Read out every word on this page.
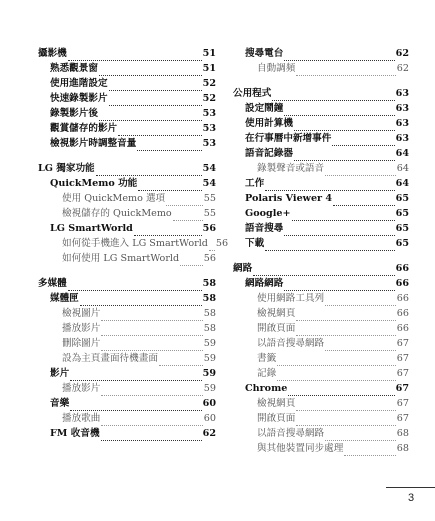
攝影機	51
熟悉觀景窗	51
使用進階設定	52
快速錄製影片	52
錄製影片後	53
觀賞儲存的影片	53
檢視影片時調整音量	53
LG 獨家功能	54
QuickMemo 功能	54
使用 QuickMemo 選項	55
檢視儲存的 QuickMemo	55
LG SmartWorld	56
如何從手機進入 LG SmartWorld 56
如何使用 LG SmartWorld	56
多媒體	58
媒體匣	58
檢視圖片	58
播放影片	58
刪除圖片	59
設為主頁畫面待機畫面	59
影片	59
播放影片	59
音樂	60
播放歌曲	60
FM 收音機	62
搜尋電台	62
自動調頻	62
公用程式	63
設定鬧鐘	63
使用計算機	63
在行事曆中新增事件	63
語音記錄器	64
錄製聲音或語音	64
工作	64
Polaris Viewer 4	65
Google+	65
語音搜尋	65
下載	65
網路	66
網路網路	66
使用網路工具列	66
檢視網頁	66
開啟頁面	66
以語音搜尋網路	67
書籤	67
記錄	67
Chrome	67
檢視網頁	67
開啟頁面	67
以語音搜尋網路	68
與其他裝置同步處理	68
3
